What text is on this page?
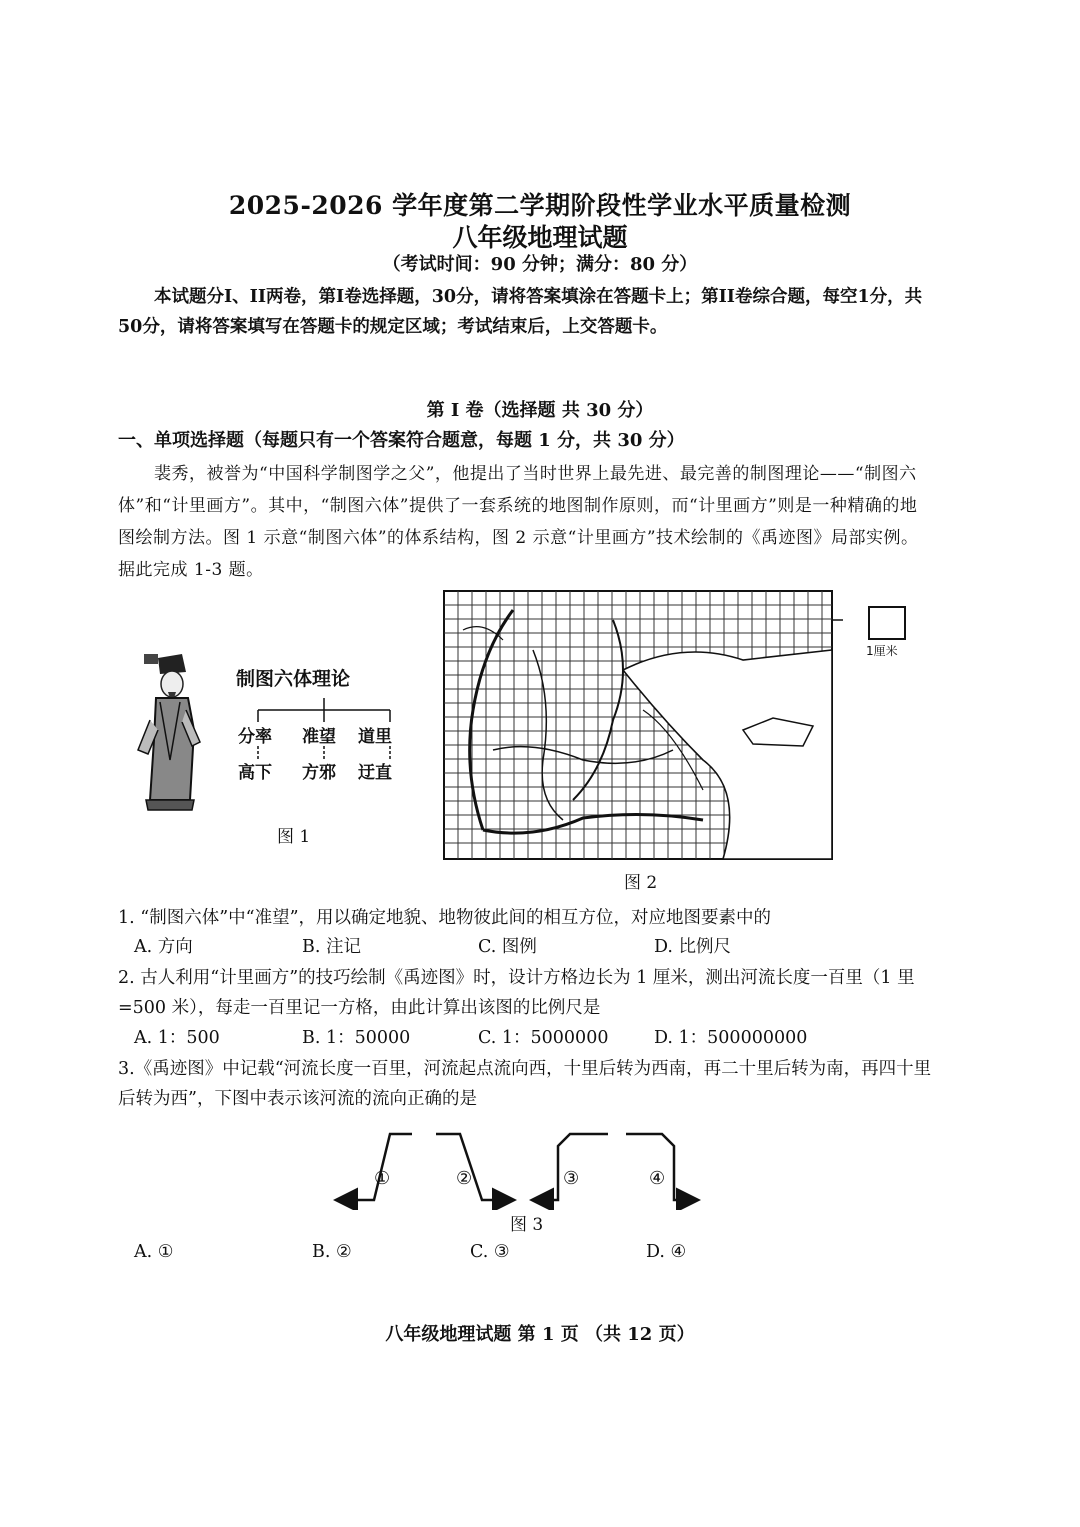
2025-2026 学年度第二学期阶段性学业水平质量检测
八年级地理试题
（考试时间：90 分钟；满分：80 分）
本试题分I、II两卷，第I卷选择题，30分，请将答案填涂在答题卡上；第II卷综合题，每空1分，共50分，请将答案填写在答题卡的规定区域；考试结束后，上交答题卡。
第 I 卷（选择题 共 30 分）
一、单项选择题（每题只有一个答案符合题意，每题 1 分，共 30 分）
裴秀，被誉为“中国科学制图学之父”，他提出了当时世界上最先进、最完善的制图理论——“制图六体”和“计里画方”。其中，“制图六体”提供了一套系统的地图制作原则，而“计里画方”则是一种精确的地图绘制方法。图 1 示意“制图六体”的体系结构，图 2 示意“计里画方”技术绘制的《禹迹图》局部实例。据此完成 1-3 题。
制图六体理论
分率 准望 道里
高下 方邪 迂直
图 1
1厘米
图 2
1. “制图六体”中“准望”，用以确定地貌、地物彼此间的相互方位，对应地图要素中的
A. 方向	B. 注记	C. 图例	D. 比例尺
2. 古人利用“计里画方”的技巧绘制《禹迹图》时，设计方格边长为 1 厘米，测出河流长度一百里（1 里=500 米），每走一百里记一方格，由此计算出该图的比例尺是
A. 1：500	B. 1：50000	C. 1：5000000	D. 1：500000000
3.《禹迹图》中记载“河流长度一百里，河流起点流向西，十里后转为西南，再二十里后转为南，再四十里后转为西”，下图中表示该河流的流向正确的是
①	②	③	④
图 3
A. ①	B. ②	C. ③	D. ④
八年级地理试题 第 1 页 （共 12 页）
